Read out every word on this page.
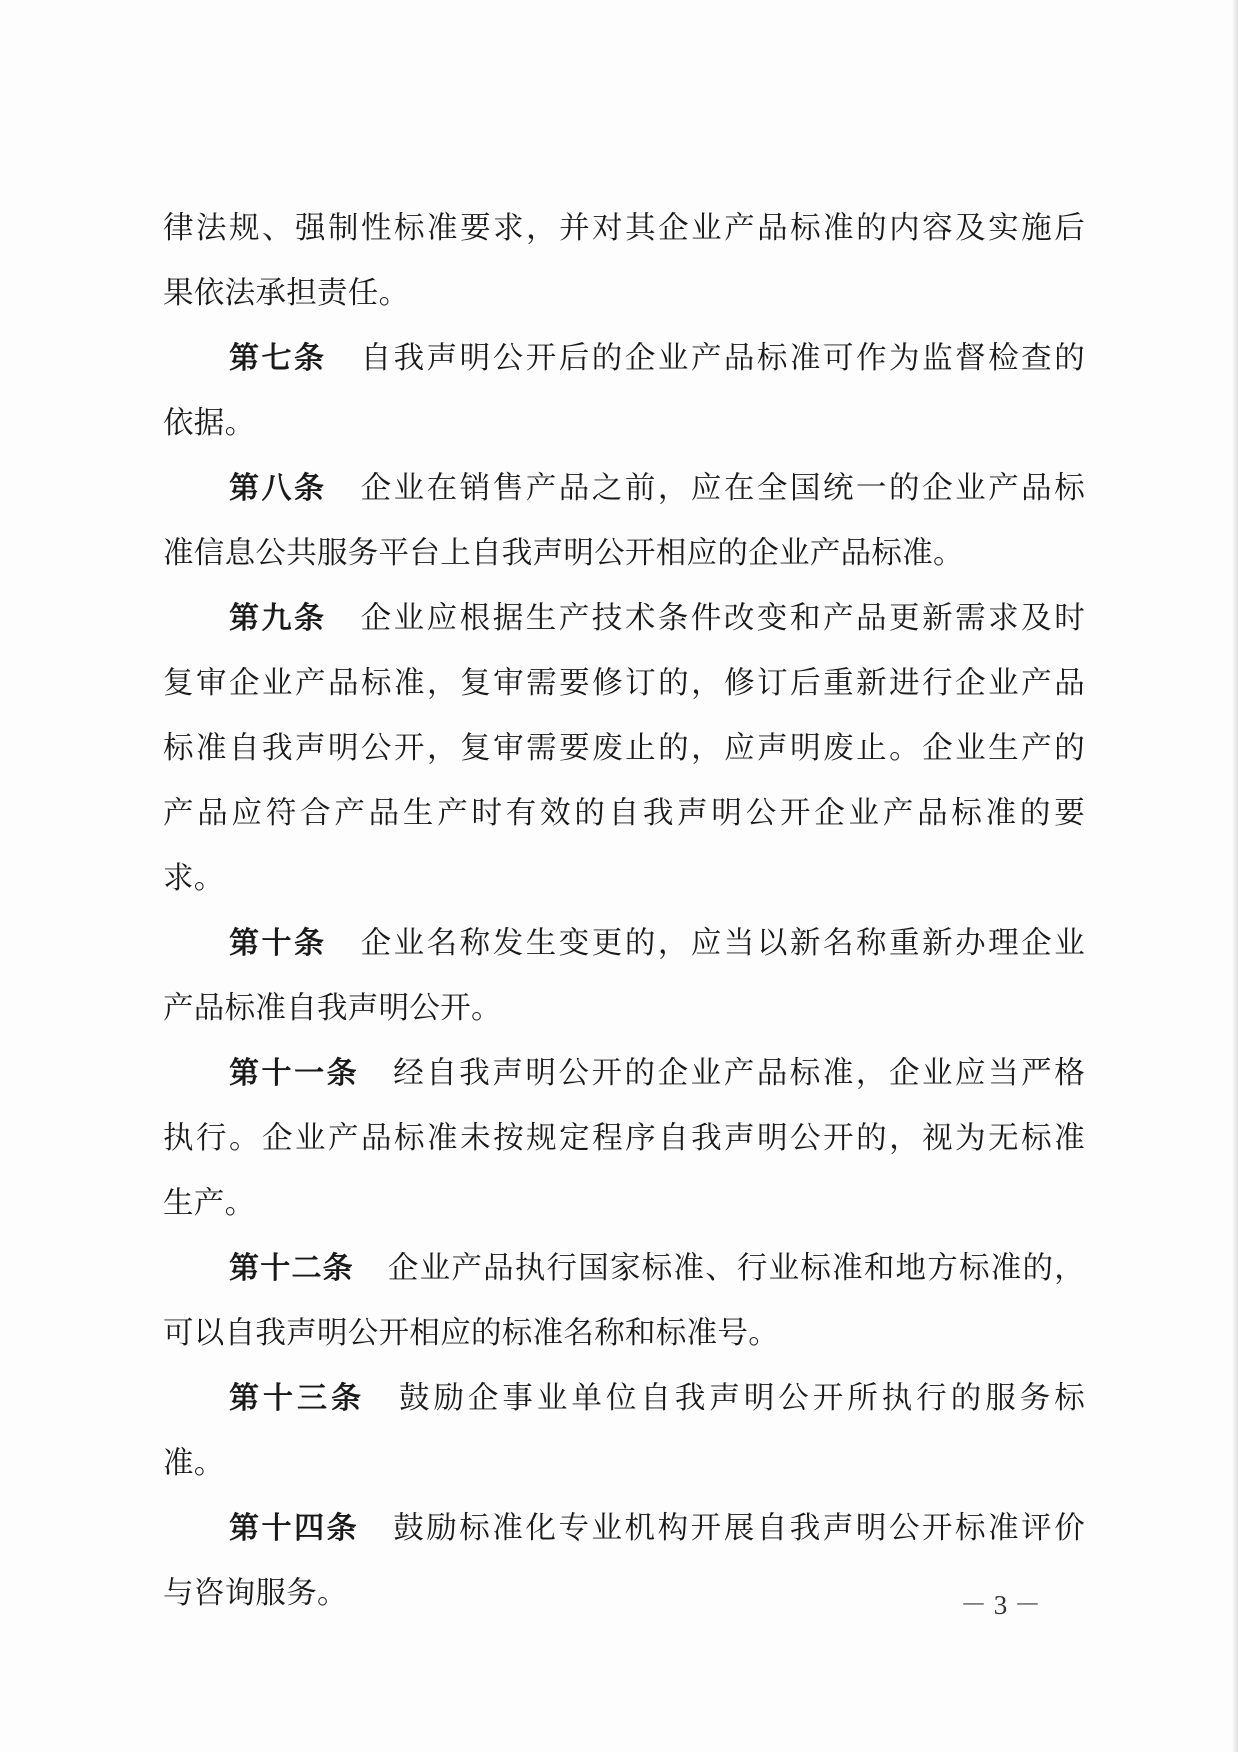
律法规、强制性标准要求，并对其企业产品标准的内容及实施后
果依法承担责任。
第七条 自我声明公开后的企业产品标准可作为监督检查的
依据。
第八条 企业在销售产品之前，应在全国统一的企业产品标
准信息公共服务平台上自我声明公开相应的企业产品标准。
第九条 企业应根据生产技术条件改变和产品更新需求及时
复审企业产品标准，复审需要修订的，修订后重新进行企业产品
标准自我声明公开，复审需要废止的，应声明废止。企业生产的
产品应符合产品生产时有效的自我声明公开企业产品标准的要
求。
第十条 企业名称发生变更的，应当以新名称重新办理企业
产品标准自我声明公开。
第十一条 经自我声明公开的企业产品标准，企业应当严格
执行。企业产品标准未按规定程序自我声明公开的，视为无标准
生产。
第十二条 企业产品执行国家标准、行业标准和地方标准的，
可以自我声明公开相应的标准名称和标准号。
第十三条 鼓励企事业单位自我声明公开所执行的服务标
准。
第十四条 鼓励标准化专业机构开展自我声明公开标准评价
与咨询服务。	－ 3 －
